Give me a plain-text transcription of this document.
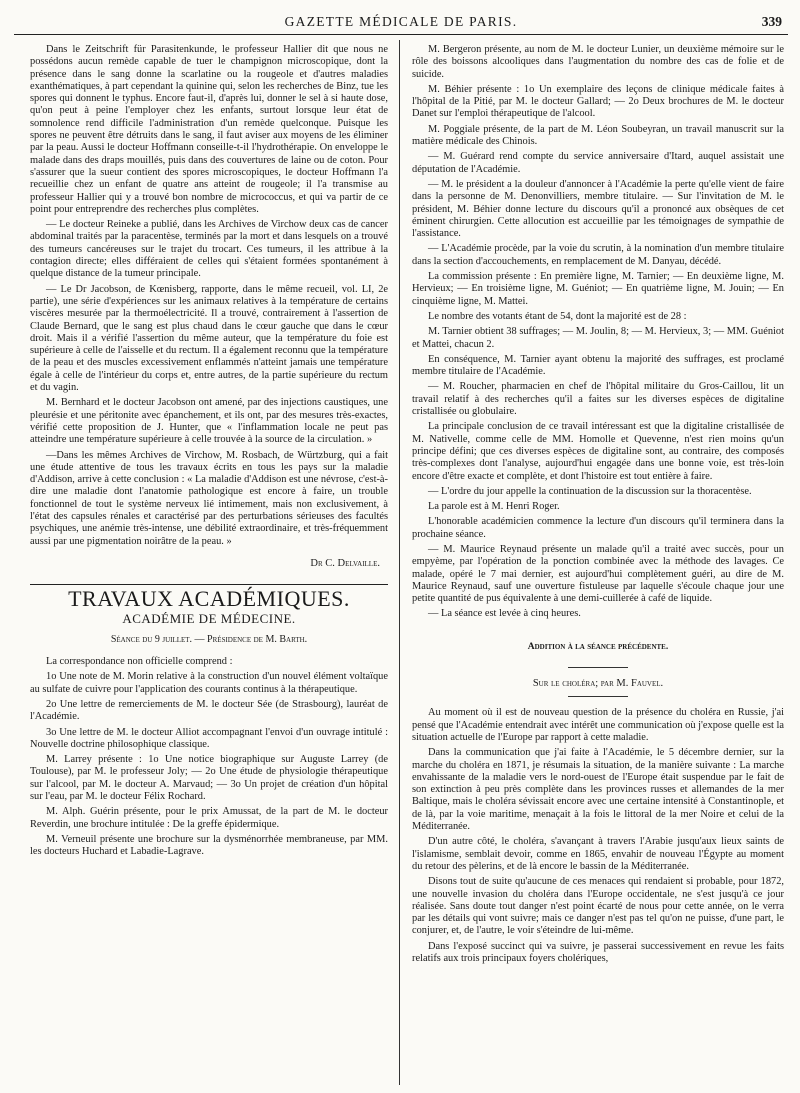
GAZETTE MÉDICALE DE PARIS.	339

Dans le Zeitschrift für Parasitenkunde, le professeur Hallier dit que nous ne possédons aucun remède capable de tuer le champignon microscopique, dont la présence dans le sang donne la scarlatine ou la rougeole et d'autres maladies exanthématiques, à part cependant la quinine qui, selon les recherches de Binz, tue les spores qui donnent le typhus. Encore faut-il, d'après lui, donner le sel à si haute dose, qu'on peut à peine l'employer chez les enfants, surtout lorsque leur état de somnolence rend difficile l'administration d'un remède quelconque. Puisque les spores ne peuvent être détruits dans le sang, il faut aviser aux moyens de les éliminer par la peau. Aussi le docteur Hoffmann conseille-t-il l'hydrothérapie. On enveloppe le malade dans des draps mouillés, puis dans des couvertures de laine ou de coton. Pour s'assurer que la sueur contient des spores microscopiques, le docteur Hoffmann l'a recueillie chez un enfant de quatre ans atteint de rougeole; il l'a transmise au professeur Hallier qui y a trouvé bon nombre de micrococcus, et qui va partir de ce point pour entreprendre des recherches plus complètes.

— Le docteur Reineke a publié, dans les Archives de Virchow deux cas de cancer abdominal traités par la paracentèse, terminés par la mort et dans lesquels on a trouvé des tumeurs cancéreuses sur le trajet du trocart. Ces tumeurs, il les attribue à la contagion directe; elles différaient de celles qui s'étaient formées spontanément à quelque distance de la tumeur principale.

— Le Dr Jacobson, de Kœnisberg, rapporte, dans le même recueil, vol. LI, 2e partie), une série d'expériences sur les animaux relatives à la température de certains viscères mesurée par la thermoélectricité. Il a trouvé, contrairement à l'assertion de Claude Bernard, que le sang est plus chaud dans le cœur gauche que dans le cœur droit. Mais il a vérifié l'assertion du même auteur, que la température du foie est supérieure à celle de l'aisselle et du rectum. Il a également reconnu que la température de la peau et des muscles excessivement enflammés n'atteint jamais une température égale à celle de l'intérieur du corps et, entre autres, de la partie supérieure du rectum et du vagin.

M. Bernhard et le docteur Jacobson ont amené, par des injections caustiques, une pleurésie et une péritonite avec épanchement, et ils ont, par des mesures très-exactes, vérifié cette proposition de J. Hunter, que « l'inflammation locale ne peut pas atteindre une température supérieure à celle trouvée à la source de la circulation. »

—Dans les mêmes Archives de Virchow, M. Rosbach, de Würtzburg, qui a fait une étude attentive de tous les travaux écrits en tous les pays sur la maladie d'Addison, arrive à cette conclusion : « La maladie d'Addison est une névrose, c'est-à-dire une maladie dont l'anatomie pathologique est encore à faire, un trouble fonctionnel de tout le système nerveux lié intimement, mais non exclusivement, à l'état des capsules rénales et caractérisé par des perturbations sérieuses des facultés psychiques, une anémie très-intense, une débilité extraordinaire, et très-fréquemment aussi par une pigmentation noirâtre de la peau. »

Dr C. Delvaille.
TRAVAUX ACADÉMIQUES.
ACADÉMIE DE MÉDECINE.
Séance du 9 juillet. — Présidence de M. Barth.

La correspondance non officielle comprend :

1o Une note de M. Morin relative à la construction d'un nouvel élément voltaïque au sulfate de cuivre pour l'application des courants continus à la thérapeutique.

2o Une lettre de remerciements de M. le docteur Sée (de Strasbourg), lauréat de l'Académie.

3o Une lettre de M. le docteur Alliot accompagnant l'envoi d'un ouvrage intitulé : Nouvelle doctrine philosophique classique.

M. Larrey présente : 1o Une notice biographique sur Auguste Larrey (de Toulouse), par M. le professeur Joly; — 2o Une étude de physiologie thérapeutique sur l'alcool, par M. le docteur A. Marvaud; — 3o Un projet de création d'un hôpital sur l'eau, par M. le docteur Félix Rochard.

M. Alph. Guérin présente, pour le prix Amussat, de la part de M. le docteur Reverdin, une brochure intitulée : De la greffe épidermique.

M. Verneuil présente une brochure sur la dysménorrhée membraneuse, par MM. les docteurs Huchard et Labadie-Lagrave.

M. Bergeron présente, au nom de M. le docteur Lunier, un deuxième mémoire sur le rôle des boissons alcooliques dans l'augmentation du nombre des cas de folie et de suicide.

M. Béhier présente : 1o Un exemplaire des leçons de clinique médicale faites à l'hôpital de la Pitié, par M. le docteur Gallard; — 2o Deux brochures de M. le docteur Danet sur l'emploi thérapeutique de l'alcool.

M. Poggiale présente, de la part de M. Léon Soubeyran, un travail manuscrit sur la matière médicale des Chinois.

— M. Guérard rend compte du service anniversaire d'Itard, auquel assistait une députation de l'Académie.

— M. le président a la douleur d'annoncer à l'Académie la perte qu'elle vient de faire dans la personne de M. Denonvilliers, membre titulaire. — Sur l'invitation de M. le président, M. Béhier donne lecture du discours qu'il a prononcé aux obsèques de cet éminent chirurgien. Cette allocution est accueillie par les témoignages de sympathie de l'assistance.

— L'Académie procède, par la voie du scrutin, à la nomination d'un membre titulaire dans la section d'accouchements, en remplacement de M. Danyau, décédé.

La commission présente : En première ligne, M. Tarnier; — En deuxième ligne, M. Hervieux; — En troisième ligne, M. Guéniot; — En quatrième ligne, M. Jouin; — En cinquième ligne, M. Mattei.

Le nombre des votants étant de 54, dont la majorité est de 28 :

M. Tarnier obtient 38 suffrages; — M. Joulin, 8; — M. Hervieux, 3; — MM. Guéniot et Mattei, chacun 2.

En conséquence, M. Tarnier ayant obtenu la majorité des suffrages, est proclamé membre titulaire de l'Académie.

— M. Roucher, pharmacien en chef de l'hôpital militaire du Gros-Caillou, lit un travail relatif à des recherches qu'il a faites sur les diverses espèces de digitaline cristallisée ou globulaire.

La principale conclusion de ce travail intéressant est que la digitaline cristallisée de M. Nativelle, comme celle de MM. Homolle et Quevenne, n'est rien moins qu'un principe défini; que ces diverses espèces de digitaline sont, au contraire, des composés très-complexes dont l'analyse, aujourd'hui engagée dans une bonne voie, est très-loin encore d'être exacte et complète, et dont l'histoire est tout entière à faire.

— L'ordre du jour appelle la continuation de la discussion sur la thoracentèse.

La parole est à M. Henri Roger.

L'honorable académicien commence la lecture d'un discours qu'il terminera dans la prochaine séance.

— M. Maurice Reynaud présente un malade qu'il a traité avec succès, pour un empyème, par l'opération de la ponction combinée avec la méthode des lavages. Ce malade, opéré le 7 mai dernier, est aujourd'hui complètement guéri, au dire de M. Maurice Reynaud, sauf une ouverture fistuleuse par laquelle s'écoule chaque jour une petite quantité de pus équivalente à une demi-cuillerée à café de liquide.

— La séance est levée à cinq heures.

Addition à la séance précédente.
Sur le choléra; par M. Fauvel.

Au moment où il est de nouveau question de la présence du choléra en Russie, j'ai pensé que l'Académie entendrait avec intérêt une communication où j'expose quelle est la situation actuelle de l'Europe par rapport à cette maladie.

Dans la communication que j'ai faite à l'Académie, le 5 décembre dernier, sur la marche du choléra en 1871, je résumais la situation, de la manière suivante : La marche envahissante de la maladie vers le nord-ouest de l'Europe était suspendue par le fait de son extinction à peu près complète dans les provinces russes et allemandes de la mer Baltique, mais le choléra sévissait encore avec une certaine intensité à Constantinople, et de là, par la voie maritime, menaçait à la fois le littoral de la mer Noire et celui de la Méditerranée.

D'un autre côté, le choléra, s'avançant à travers l'Arabie jusqu'aux lieux saints de l'islamisme, semblait devoir, comme en 1865, envahir de nouveau l'Égypte au moment du retour des pèlerins, et de là encore le bassin de la Méditerranée.

Disons tout de suite qu'aucune de ces menaces qui rendaient si probable, pour 1872, une nouvelle invasion du choléra dans l'Europe occidentale, ne s'est jusqu'à ce jour réalisée. Sans doute tout danger n'est point écarté de nous pour cette année, on le verra par les détails qui vont suivre; mais ce danger n'est pas tel qu'on ne puisse, d'une part, le conjurer, et, de l'autre, le voir s'éteindre de lui-même.

Dans l'exposé succinct qui va suivre, je passerai successivement en revue les faits relatifs aux trois principaux foyers cholériques,
